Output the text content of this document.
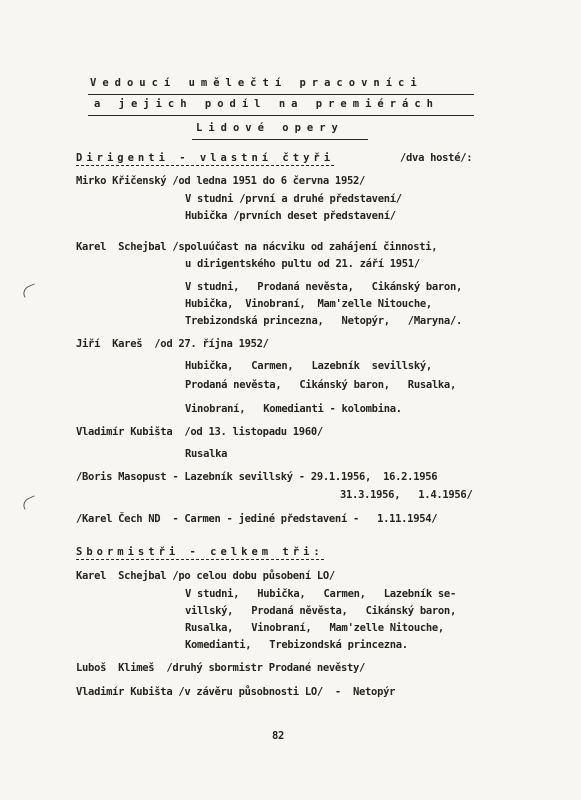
Vedoucí umělečtí pracovníci
a jejich podíl na premiérách
Lidové opery
Dirigenti - vlastní čtyři	/dva hosté/:
Mirko Křičenský /od ledna 1951 do 6 června 1952/
V studni /první a druhé představení/
Hubička /prvních deset představení/
Karel  Schejbal /spoluúčast na nácviku od zahájení činnosti,
u dirigentského pultu od 21. září 1951/
V studni,   Prodaná nevěsta,   Cikánský baron,
Hubička,  Vinobraní,  Mam'zelle Nitouche,
Trebizondská princezna,   Netopýr,   /Maryna/.
Jiří  Kareš  /od 27. října 1952/
Hubička,   Carmen,   Lazebník  sevillský,
Prodaná nevěsta,   Cikánský baron,   Rusalka,
Vinobraní,   Komedianti - kolombina.
Vladimír Kubišta  /od 13. listopadu 1960/
Rusalka
/Boris Masopust - Lazebník sevillský - 29.1.1956,  16.2.1956
31.3.1956,   1.4.1956/
/Karel Čech ND  - Carmen - jediné představení -   1.11.1954/
Sbormistři - celkem tři:
Karel  Schejbal /po celou dobu působení LO/
V studni,   Hubička,   Carmen,   Lazebník se-
villský,   Prodaná něvěsta,   Cikánský baron,
Rusalka,   Vinobraní,   Mam'zelle Nitouche,
Komedianti,   Trebizondská princezna.
Luboš  Klimeš  /druhý sbormistr Prodané nevěsty/
Vladimír Kubišta /v závěru působnosti LO/  -  Netopýr
82
